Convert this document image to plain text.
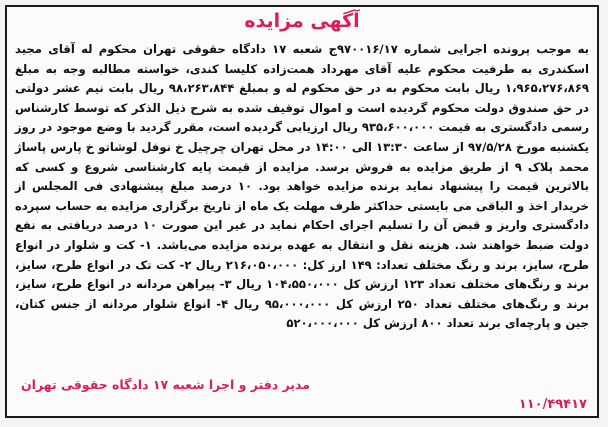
آگهی مزایده

به موجب پرونده اجرایی شماره ۹۷۰۰۱۶/۱۷ج شعبه ۱۷ دادگاه حقوقی تهران محکوم له آقای مجید اسکندری به طرفیت محکوم علیه آقای مهرداد همت‌زاده کلیسا کندی، خواسته مطالبه وجه به مبلغ ۱،۹۶۵،۲۷۶،۸۶۹ ریال بابت محکوم به در حق محکوم له و بمبلغ ۹۸،۲۶۳،۸۴۴ ریال بابت نیم عشر دولتی در حق صندوق دولت محکوم گردیده است و اموال توقیف شده به شرح ذیل الذکر که توسط کارشناس رسمی دادگستری به قیمت ۹۳۵،۶۰۰،۰۰۰ ریال ارزیابی گردیده است، مقرر گردید با وضع موجود در روز یکشنبه مورخ ۹۷/۵/۲۸ از ساعت ۱۳:۳۰ الی ۱۴:۰۰ در محل تهران چرچیل خ نوفل لوشاتو خ پارس پاساژ محمد پلاک ۹ از طریق مزایده به فروش برسد. مزایده از قیمت پایه کارشناسی شروع و کسی که بالاترین قیمت را پیشنهاد نماید برنده مزایده خواهد بود. ۱۰ درصد مبلغ پیشنهادی فی المجلس از خریدار اخذ و الباقی می بایستی حداکثر ظرف مهلت یک ماه از تاریخ برگزاری مزایده به حساب سپرده دادگستری واریز و قبض آن را تسلیم اجرای احکام نماید در غیر این صورت ۱۰ درصد دریافتی به نفع دولت ضبط خواهند شد. هزینه نقل و انتقال به عهده برنده مزایده می‌باشد. ۱- کت و شلوار در انواع طرح، سایز، برند و رنگ مختلف تعداد: ۱۴۹ ارز کل: ۲۱۶،۰۵۰،۰۰۰ ریال ۲- کت تک در انواع طرح، سایز، برند و رنگ‌های مختلف تعداد ۱۲۳ ارزش کل ۱۰۴،۵۵۰،۰۰۰ ریال ۳- پیراهن مردانه در انواع طرح، سایز، برند و رنگ‌های مختلف تعداد ۲۵۰ ارزش کل ۹۵،۰۰۰،۰۰۰ ریال ۴- انواع شلوار مردانه از جنس کتان، جین و پارچه‌ای برند تعداد ۸۰۰ ارزش کل ۵۲۰،۰۰۰،۰۰۰

مدیر دفتر و اجرا شعبه ۱۷ دادگاه حقوقی تهران

۱۱۰/۴۹۴۱۷
